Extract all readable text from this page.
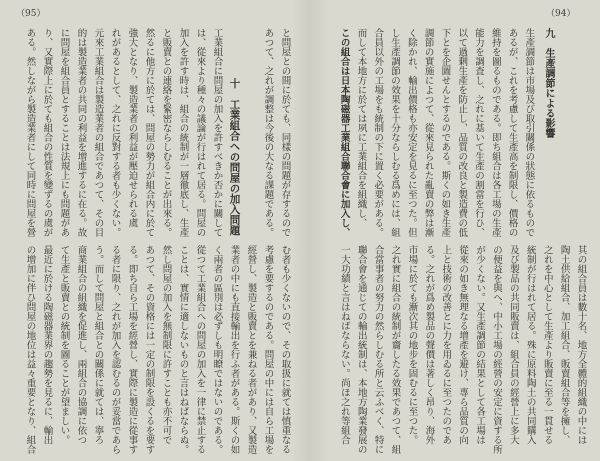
（94）
九　生產調節による影響
生產調節は市場及び取引關係の狀態に依るもので
あるが、これを考慮して生產高を制限し、價格の
維持を圖るものである。即ち組合は各工場の生產
能力を調査し、之れに基いて生產の割當を行ひ、
以て過剰生產を防止し、品質の改良と製造費の低
下とを企圖せんとするのである。斯くの如き生產
調節の實施によつて、從來見られた亂賣の弊は漸
く除かれ、輸出價格も亦安定を見るに至つた。但
し生產調節の效果を十分ならしむる爲めには、組
合員以外の工場をも統制の下に置く必要がある。
而して本地方に於ては夙に工業組合を組織し、
この組合は日本陶磁器工業組合聯合會に加入し、
其の組合員は數十名、地方全體的組織の中には
陶土供給組合、加工組合、販賣組合等を擁し、
之れを中心として生產より販賣に至る一貫せる
統制が行はれて居る。殊に原料陶土の共同購入
及び製品の共同販賣は、組合員の經營上に多大
の便益を與へ、中小工場の經營の安定に資する所
が少くない。又生產調節の結果として各工場は
從來の如き無理なる增產を避け、專ら品質の向
上と技術の改善とに力を用ゐるに至つたのであ
る。之れが爲め製品の聲價は著しく昂り、海外
市場に於ても漸次其の地步を固むるに至つた。
之れ實に組合の統制が齎したる效果であつて、組
合當事者の努力の然らしむる所と云ふべく、特に
聯合會を通じての輸出統制は、本地方陶業發展の
一大功績と言はねばならない。尚ほ之れ等組合
（95）
と問屋との間に於ても、同樣の問題が存するので
あつて、之れが調整は今後の大なる課題である。
十　工業組合への問屋の加入問題
工業組合に問屋の加入を許すべきか否かに關して
は、從來より種々の議論が行はれて居る。問屋の
加入を許す時は、組合の統制が一層徹底し、生產
と販賣との連絡を緊密ならしむることが出來る。
然るに他方に於ては、問屋の勢力が組合内に於て
強大となり、製造業者の利益が壓迫せられる虞
れがあるとして、之れに反對する者も少くない。
元來工業組合は製造業者の組合であつて、その目
的は製造業者の共同の利益を增進するに在る。故
に問屋を組合員とすることは法規上にも問題があ
り、又實際上に於ても組合の性質を變ずるの虞が
ある。然しながら製造業者にして同時に問屋を營
む者も少くないので、その取扱に就ては慎重なる
考慮を要するのである。問屋の中には自ら工場を
經營し、製造と販賣とを兼ねる者があり、又製造
業者の中にも直接輸出を行ふ者がある。斯くの如
く兩者の區別は必ずしも明瞭ではないのである。
從つて工業組合への問屋の加入を一律に禁止する
ことは、實情に適しないものと言はねばならぬ。
然し問屋の加入を無制限に許すことも亦不可で
あつて、その資格には一定の制限を設くるを要す
る。即ち自ら工場を經營し、實際に製造に從事す
る者に限り、之れが加入を認むるのが妥當であら
う。而して問屋と組合との關係に就ては、寧ろ
商業組合の組織を促進し、兩組合の協調に依つ
て生產と販賣との統制を圖ることが望ましい。
最近に於ける陶磁器業界の趨勢を見るに、輸出
の增加に伴ひ問屋の地位は益々重要となり、組合
